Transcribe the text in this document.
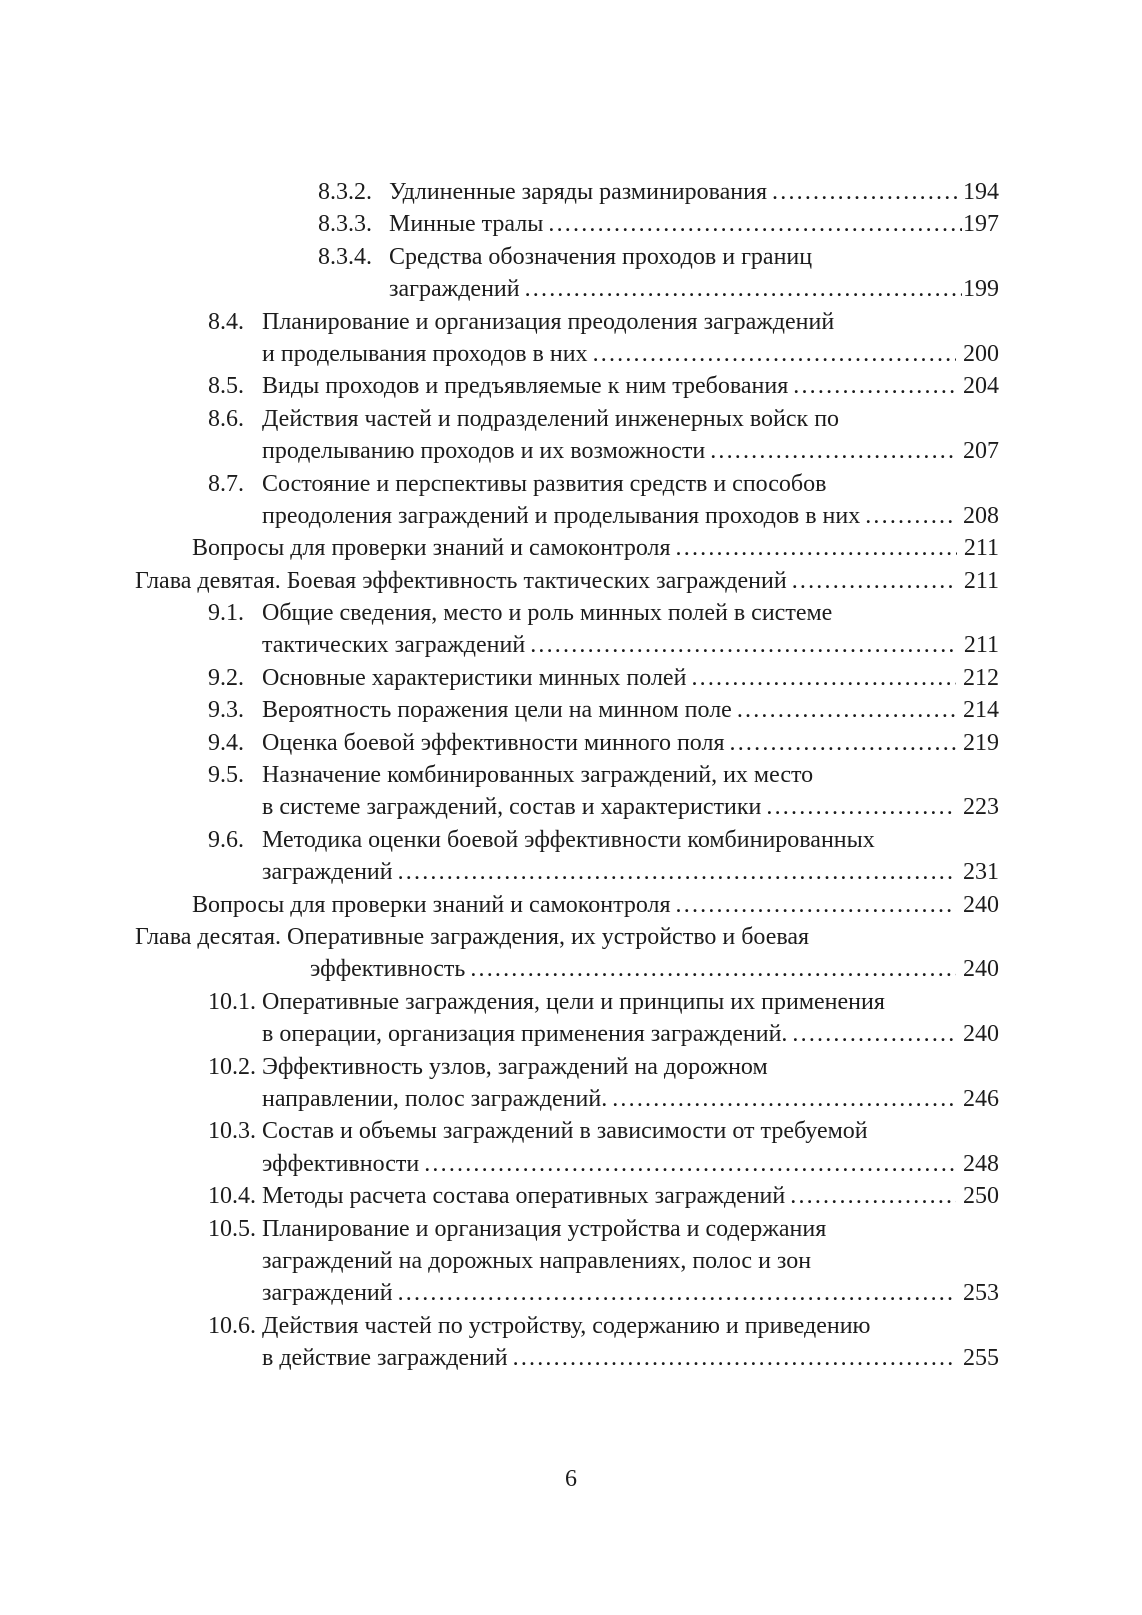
8.3.2. Удлиненные заряды разминирования .....	194
8.3.3. Минные тралы .....	197
8.3.4. Средства обозначения проходов и границ
заграждений .....	199
8.4. Планирование и организация преодоления заграждений
и проделывания проходов в них .....	200
8.5. Виды проходов и предъявляемые к ним требования .....	204
8.6. Действия частей и подразделений инженерных войск по
проделыванию проходов и их возможности .....	207
8.7. Состояние и перспективы развития средств и способов
преодоления заграждений и проделывания проходов в них .....	208
Вопросы для проверки знаний и самоконтроля .....	211
Глава девятая. Боевая эффективность тактических заграждений .....	211
9.1. Общие сведения, место и роль минных полей в системе
тактических заграждений .....	211
9.2. Основные характеристики минных полей .....	212
9.3. Вероятность поражения цели на минном поле .....	214
9.4. Оценка боевой эффективности минного поля .....	219
9.5. Назначение комбинированных заграждений, их место
в системе заграждений, состав и характеристики .....	223
9.6. Методика оценки боевой эффективности комбинированных
заграждений .....	231
Вопросы для проверки знаний и самоконтроля .....	240
Глава десятая. Оперативные заграждения, их устройство и боевая
эффективность .....	240
10.1. Оперативные заграждения, цели и принципы их применения
в операции, организация применения заграждений. .....	240
10.2. Эффективность узлов, заграждений на дорожном
направлении, полос заграждений. .....	246
10.3. Состав и объемы заграждений в зависимости от требуемой
эффективности .....	248
10.4. Методы расчета состава оперативных заграждений .....	250
10.5. Планирование и организация устройства и содержания
заграждений на дорожных направлениях, полос и зон
заграждений .....	253
10.6. Действия частей по устройству, содержанию и приведению
в действие заграждений .....	255
6
